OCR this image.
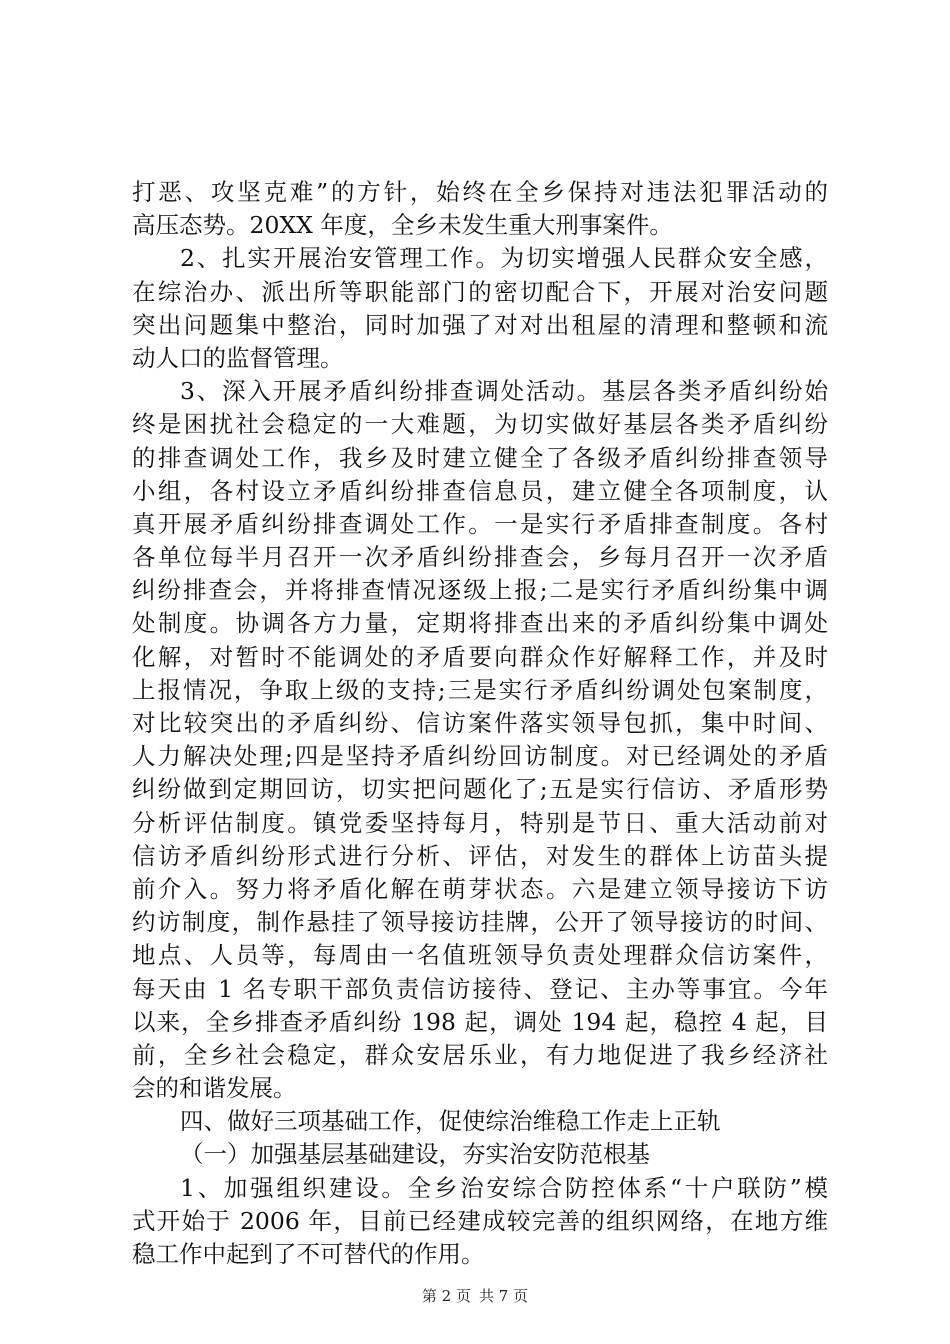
打恶、攻坚克难”的方针，始终在全乡保持对违法犯罪活动的
高压态势。20XX 年度，全乡未发生重大刑事案件。
2、扎实开展治安管理工作。为切实增强人民群众安全感，
在综治办、派出所等职能部门的密切配合下，开展对治安问题
突出问题集中整治，同时加强了对对出租屋的清理和整顿和流
动人口的监督管理。
3、深入开展矛盾纠纷排查调处活动。基层各类矛盾纠纷始
终是困扰社会稳定的一大难题，为切实做好基层各类矛盾纠纷
的排查调处工作，我乡及时建立健全了各级矛盾纠纷排查领导
小组，各村设立矛盾纠纷排查信息员，建立健全各项制度，认
真开展矛盾纠纷排查调处工作。一是实行矛盾排查制度。各村
各单位每半月召开一次矛盾纠纷排查会，乡每月召开一次矛盾
纠纷排查会，并将排查情况逐级上报;二是实行矛盾纠纷集中调
处制度。协调各方力量，定期将排查出来的矛盾纠纷集中调处
化解，对暂时不能调处的矛盾要向群众作好解释工作，并及时
上报情况，争取上级的支持;三是实行矛盾纠纷调处包案制度，
对比较突出的矛盾纠纷、信访案件落实领导包抓，集中时间、
人力解决处理;四是坚持矛盾纠纷回访制度。对已经调处的矛盾
纠纷做到定期回访，切实把问题化了;五是实行信访、矛盾形势
分析评估制度。镇党委坚持每月，特别是节日、重大活动前对
信访矛盾纠纷形式进行分析、评估，对发生的群体上访苗头提
前介入。努力将矛盾化解在萌芽状态。六是建立领导接访下访
约访制度，制作悬挂了领导接访挂牌，公开了领导接访的时间、
地点、人员等，每周由一名值班领导负责处理群众信访案件，
每天由 1 名专职干部负责信访接待、登记、主办等事宜。今年
以来，全乡排查矛盾纠纷 198 起，调处 194 起，稳控 4 起，目
前，全乡社会稳定，群众安居乐业，有力地促进了我乡经济社
会的和谐发展。
四、做好三项基础工作，促使综治维稳工作走上正轨
（一）加强基层基础建设，夯实治安防范根基
1、加强组织建设。全乡治安综合防控体系“十户联防”模
式开始于 2006 年，目前已经建成较完善的组织网络，在地方维
稳工作中起到了不可替代的作用。
第 2 页 共 7 页
